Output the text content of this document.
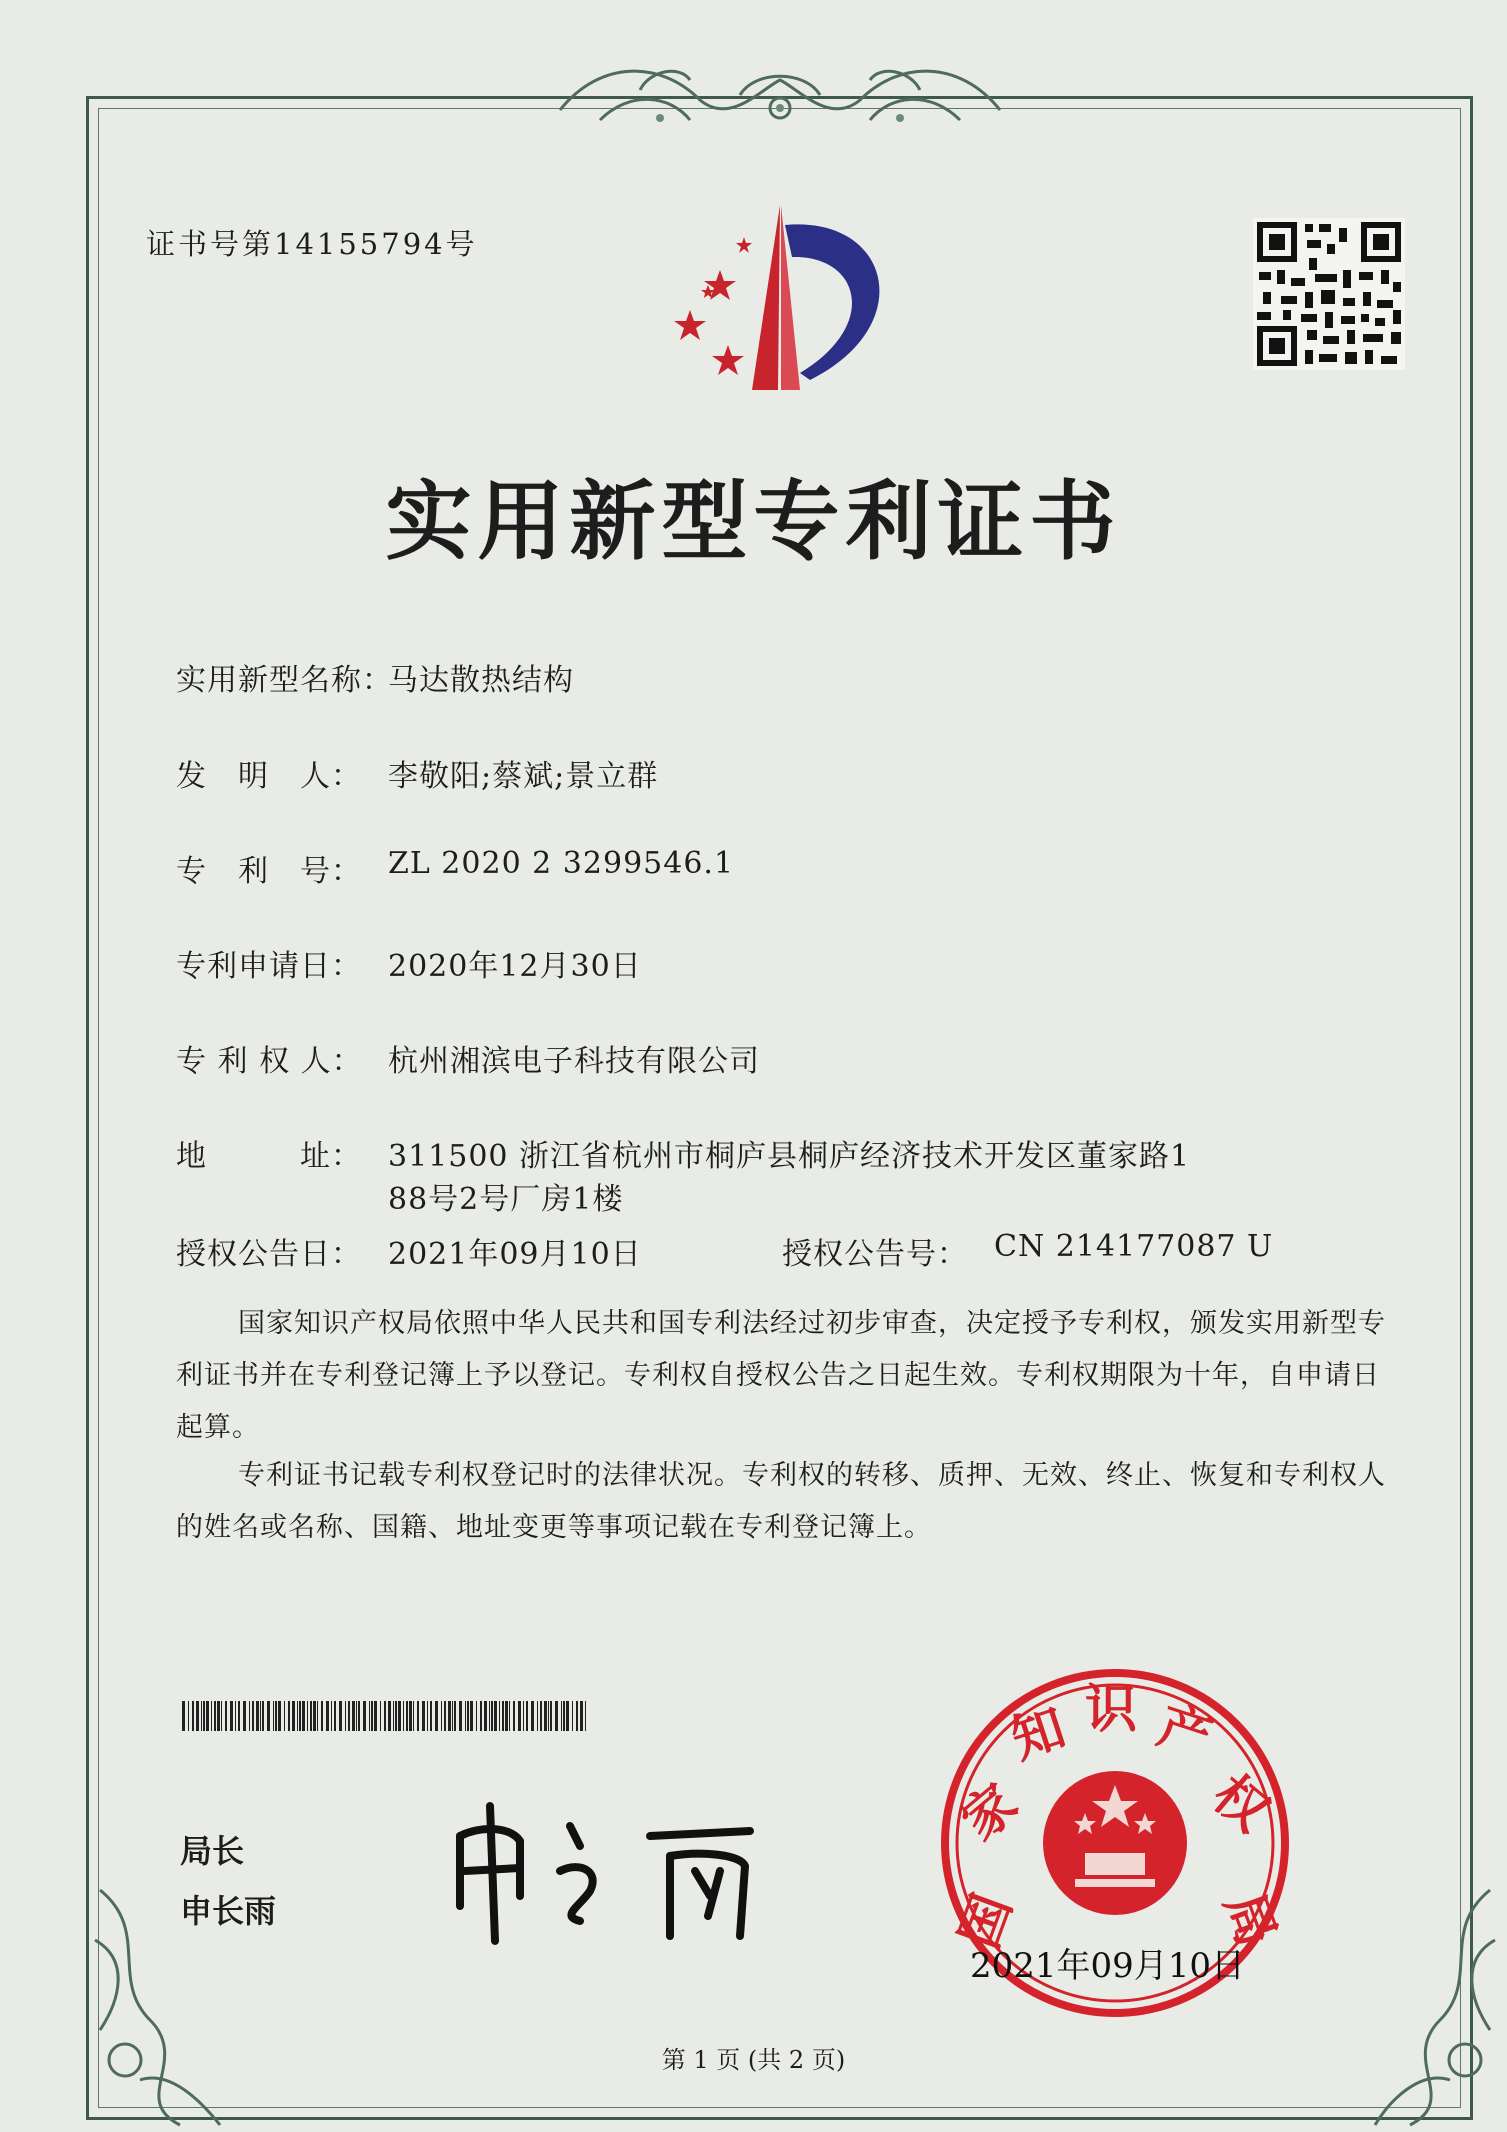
证书号第14155794号
实用新型专利证书
实用新型名称：
马达散热结构
发　明　人： 李敬阳;蔡斌;景立群
专　利　号： ZL 2020 2 3299546.1
专利申请日： 2020年12月30日
专 利 权 人： 杭州湘滨电子科技有限公司
地　　　址： 311500 浙江省杭州市桐庐县桐庐经济技术开发区董家路1
88号2号厂房1楼
授权公告日： 2021年09月10日	授权公告号： CN 214177087 U
国家知识产权局依照中华人民共和国专利法经过初步审查，决定授予专利权，颁发实用新型专利证书并在专利登记簿上予以登记。专利权自授权公告之日起生效。专利权期限为十年，自申请日起算。
专利证书记载专利权登记时的法律状况。专利权的转移、质押、无效、终止、恢复和专利权人的姓名或名称、国籍、地址变更等事项记载在专利登记簿上。
局长
申长雨	国
家
知 识 产
权
局
2021年09月10日
第 1 页 (共 2 页)
